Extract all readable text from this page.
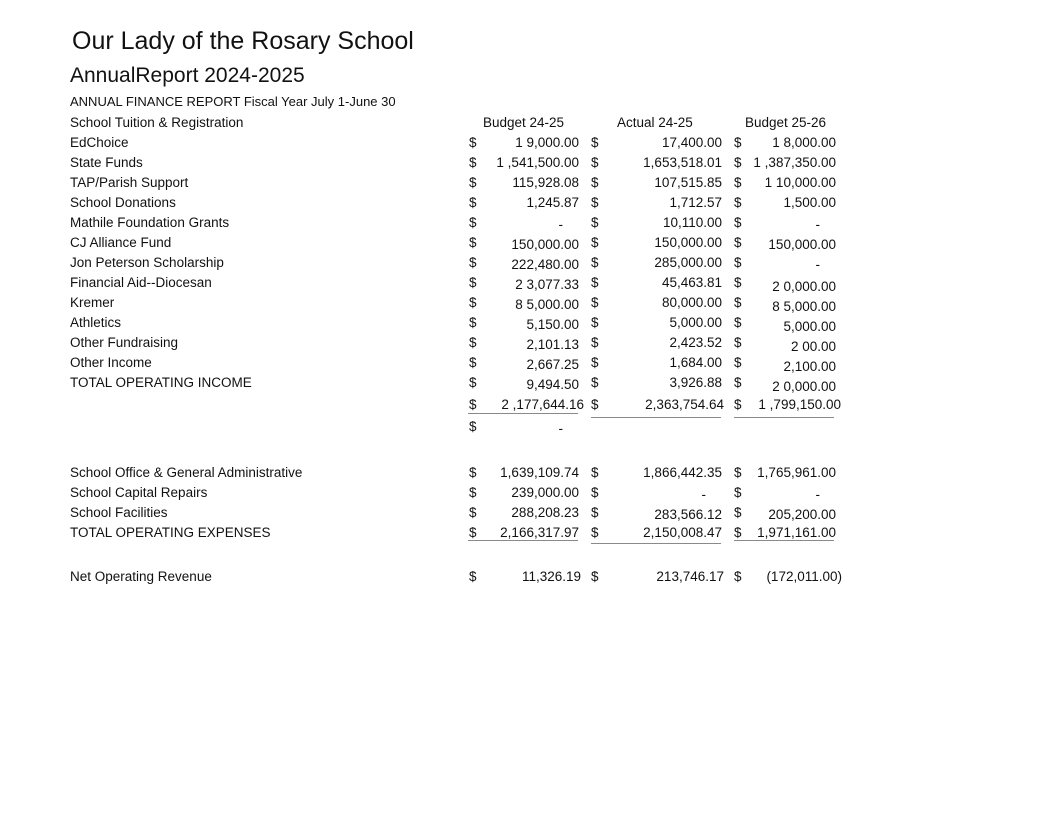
Our Lady of the Rosary School
AnnualReport 2024-2025
ANNUAL FINANCE REPORT Fiscal Year July 1-June 30
School Tuition & Registration	Budget 24-25	Actual 24-25	Budget 25-26
EdChoice	$	1 9,000.00 $	17,400.00 $	1 8,000.00
State Funds	$	1 ,541,500.00 $	1,653,518.01 $ 1 ,387,350.00
TAP/Parish Support	$	115,928.08 $	107,515.85 $	1 10,000.00
School Donations	$	1,245.87 $	1,712.57 $	1,500.00
Mathile Foundation Grants	$	-	$	10,110.00 $	-
CJ Alliance Fund	$	150,000.00 $	150,000.00 $	150,000.00
Jon Peterson Scholarship	$	222,480.00 $	285,000.00 $	-
Financial Aid--Diocesan	$	2 3,077.33 $	45,463.81 $	2 0,000.00
Kremer	$	8 5,000.00 $	80,000.00 $	8 5,000.00
Athletics	$	5,150.00 $	5,000.00 $	5,000.00
Other Fundraising	$	2,101.13 $	2,423.52 $	2 00.00
Other Income	$	2,667.25 $	1,684.00 $	2,100.00
TOTAL OPERATING INCOME	$	9,494.50 $	3,926.88 $	2 0,000.00
$	2 ,177,644.16 $	2,363,754.64 $	1 ,799,150.00
$	-
School Office & General Administrative	$	1,639,109.74 $	1,866,442.35 $	1,765,961.00
School Capital Repairs	$	239,000.00 $	-	$	-
School Facilities	$	288,208.23 $	283,566.12 $	205,200.00
TOTAL OPERATING EXPENSES	$	2,166,317.97 $	2,150,008.47 $	1,971,161.00
Net Operating Revenue	$	11,326.19 $	213,746.17 $	(172,011.00)
